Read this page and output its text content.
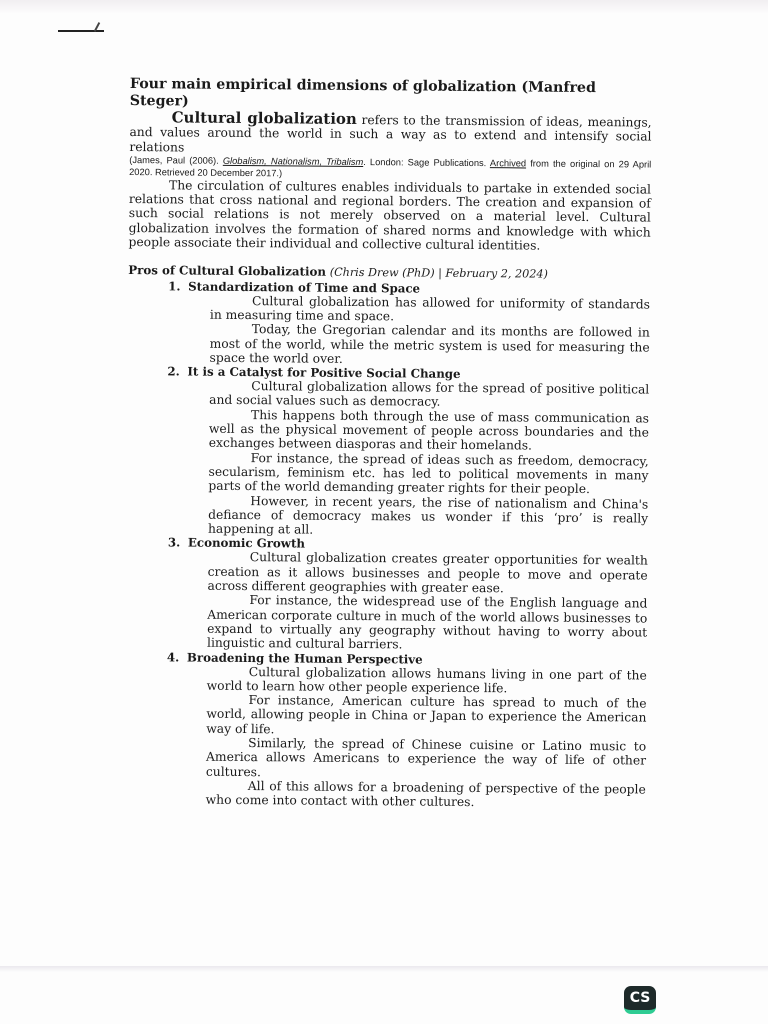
Four main empirical dimensions of globalization (Manfred Steger)

Cultural globalization refers to the transmission of ideas, meanings, and values around the world in such a way as to extend and intensify social relations

(James, Paul (2006). Globalism, Nationalism, Tribalism. London: Sage Publications. Archived from the original on 29 April 2020. Retrieved 20 December 2017.)

The circulation of cultures enables individuals to partake in extended social relations that cross national and regional borders. The creation and expansion of such social relations is not merely observed on a material level. Cultural globalization involves the formation of shared norms and knowledge with which people associate their individual and collective cultural identities.

Pros of Cultural Globalization (Chris Drew (PhD) | February 2, 2024)
1. Standardization of Time and Space

Cultural globalization has allowed for uniformity of standards in measuring time and space.

Today, the Gregorian calendar and its months are followed in most of the world, while the metric system is used for measuring the space the world over.

2. It is a Catalyst for Positive Social Change

Cultural globalization allows for the spread of positive political and social values such as democracy.

This happens both through the use of mass communication as well as the physical movement of people across boundaries and the exchanges between diasporas and their homelands.

For instance, the spread of ideas such as freedom, democracy, secularism, feminism etc. has led to political movements in many parts of the world demanding greater rights for their people.

However, in recent years, the rise of nationalism and China's defiance of democracy makes us wonder if this ‘pro’ is really happening at all.

3. Economic Growth

Cultural globalization creates greater opportunities for wealth creation as it allows businesses and people to move and operate across different geographies with greater ease.

For instance, the widespread use of the English language and American corporate culture in much of the world allows businesses to expand to virtually any geography without having to worry about linguistic and cultural barriers.

4. Broadening the Human Perspective

Cultural globalization allows humans living in one part of the world to learn how other people experience life.

For instance, American culture has spread to much of the world, allowing people in China or Japan to experience the American way of life.

Similarly, the spread of Chinese cuisine or Latino music to America allows Americans to experience the way of life of other cultures.

All of this allows for a broadening of perspective of the people who come into contact with other cultures.

CS
